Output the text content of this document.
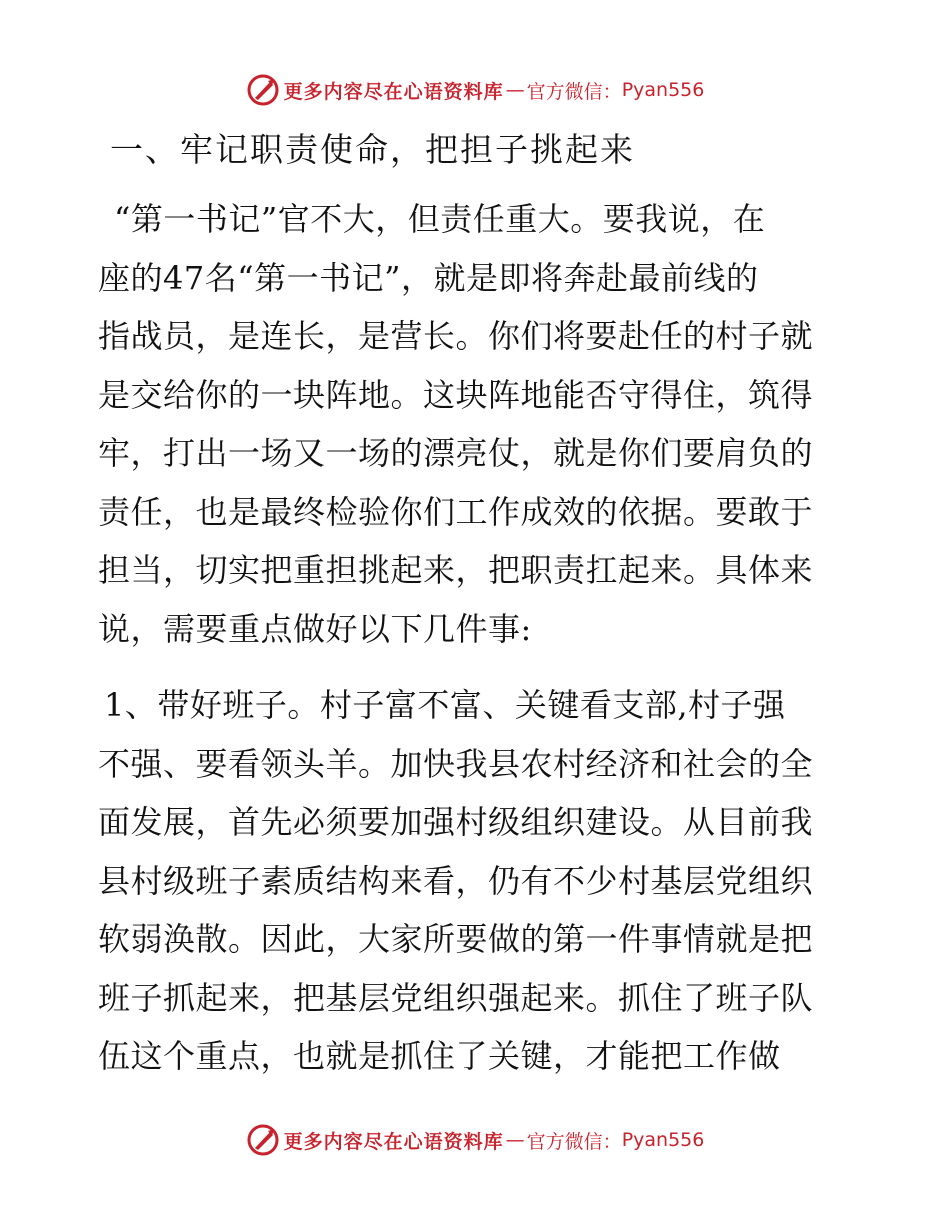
更多内容尽在心语资料库 — 官方微信： Pyan556
一、牢记职责使命，把担子挑起来

“第一书记”官不大，但责任重大。要我说，在
座的47名“第一书记”，就是即将奔赴最前线的
指战员，是连长，是营长。你们将要赴任的村子就
是交给你的一块阵地。这块阵地能否守得住，筑得
牢，打出一场又一场的漂亮仗，就是你们要肩负的
责任，也是最终检验你们工作成效的依据。要敢于
担当，切实把重担挑起来，把职责扛起来。具体来
说，需要重点做好以下几件事:

1、带好班子。村子富不富、关键看支部,村子强
不强、要看领头羊。加快我县农村经济和社会的全
面发展，首先必须要加强村级组织建设。从目前我
县村级班子素质结构来看，仍有不少村基层党组织
软弱涣散。因此，大家所要做的第一件事情就是把
班子抓起来，把基层党组织强起来。抓住了班子队
伍这个重点，也就是抓住了关键，才能把工作做

更多内容尽在心语资料库 — 官方微信： Pyan556
